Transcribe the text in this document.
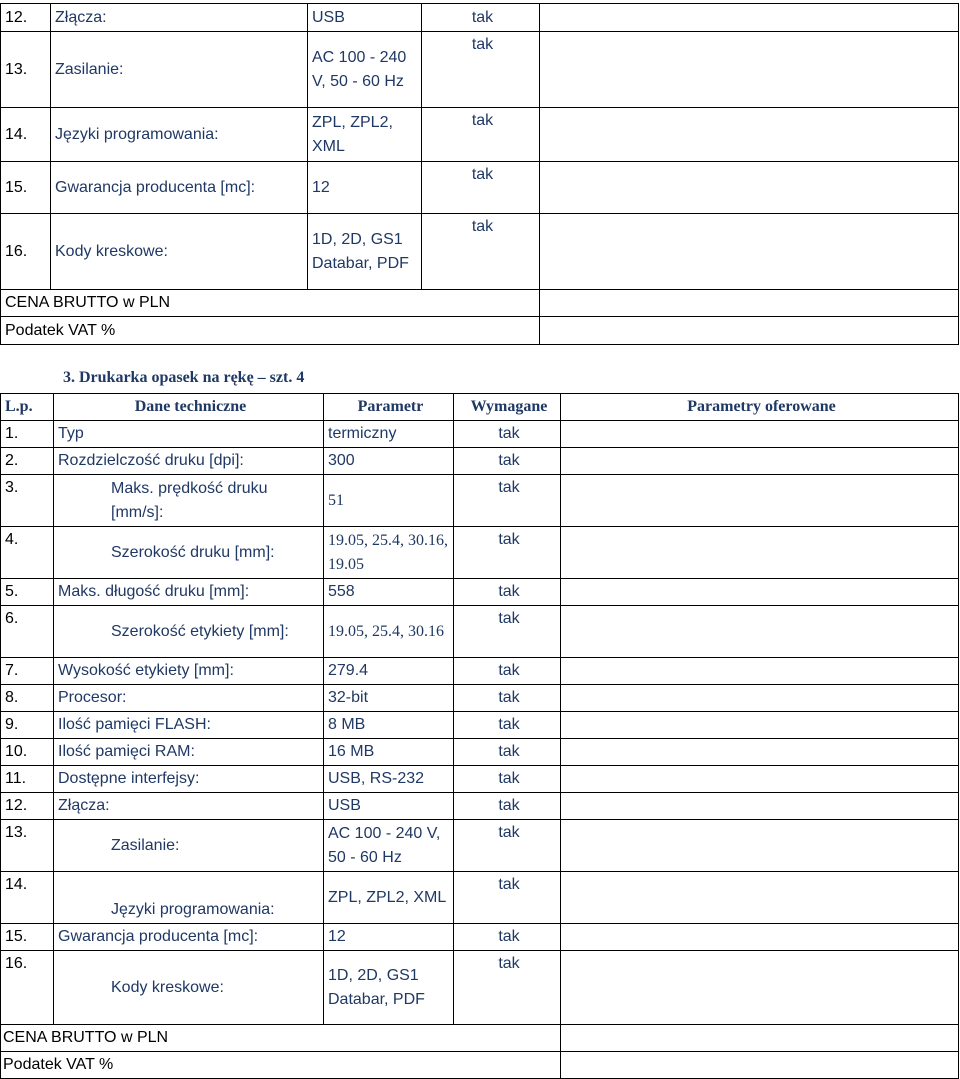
12.	Złącza:	USB	tak	
13.	Zasilanie:	AC 100 - 240 V, 50 - 60 Hz	tak	
14.	Języki programowania:	ZPL, ZPL2, XML	tak	
15.	Gwarancja producenta [mc]:	12	tak	
16.	Kody kreskowe:	1D, 2D, GS1 Databar, PDF	tak	
CENA BRUTTO w PLN				
Podatek VAT %				
3. Drukarka opasek na rękę – szt. 4
L.p.	Dane techniczne	Parametr	Wymagane	Parametry oferowane
1.	Typ	termiczny	tak	
2.	Rozdzielczość druku [dpi]:	300	tak	
3.	Maks. prędkość druku [mm/s]:	51	tak	
4.	Szerokość druku [mm]:	19.05, 25.4, 30.16, 19.05	tak	
5.	Maks. długość druku [mm]:	558	tak	
6.	Szerokość etykiety [mm]:	19.05, 25.4, 30.16	tak	
7.	Wysokość etykiety [mm]:	279.4	tak	
8.	Procesor:	32-bit	tak	
9.	Ilość pamięci FLASH:	8 MB	tak	
10.	Ilość pamięci RAM:	16 MB	tak	
11.	Dostępne interfejsy:	USB, RS-232	tak	
12.	Złącza:	USB	tak	
13.	Zasilanie:	AC 100 - 240 V, 50 - 60 Hz	tak	
14.	Języki programowania:	ZPL, ZPL2, XML	tak	
15.	Gwarancja producenta [mc]:	12	tak	
16.	Kody kreskowe:	1D, 2D, GS1 Databar, PDF	tak	
CENA BRUTTO w PLN				
Podatek VAT %				
